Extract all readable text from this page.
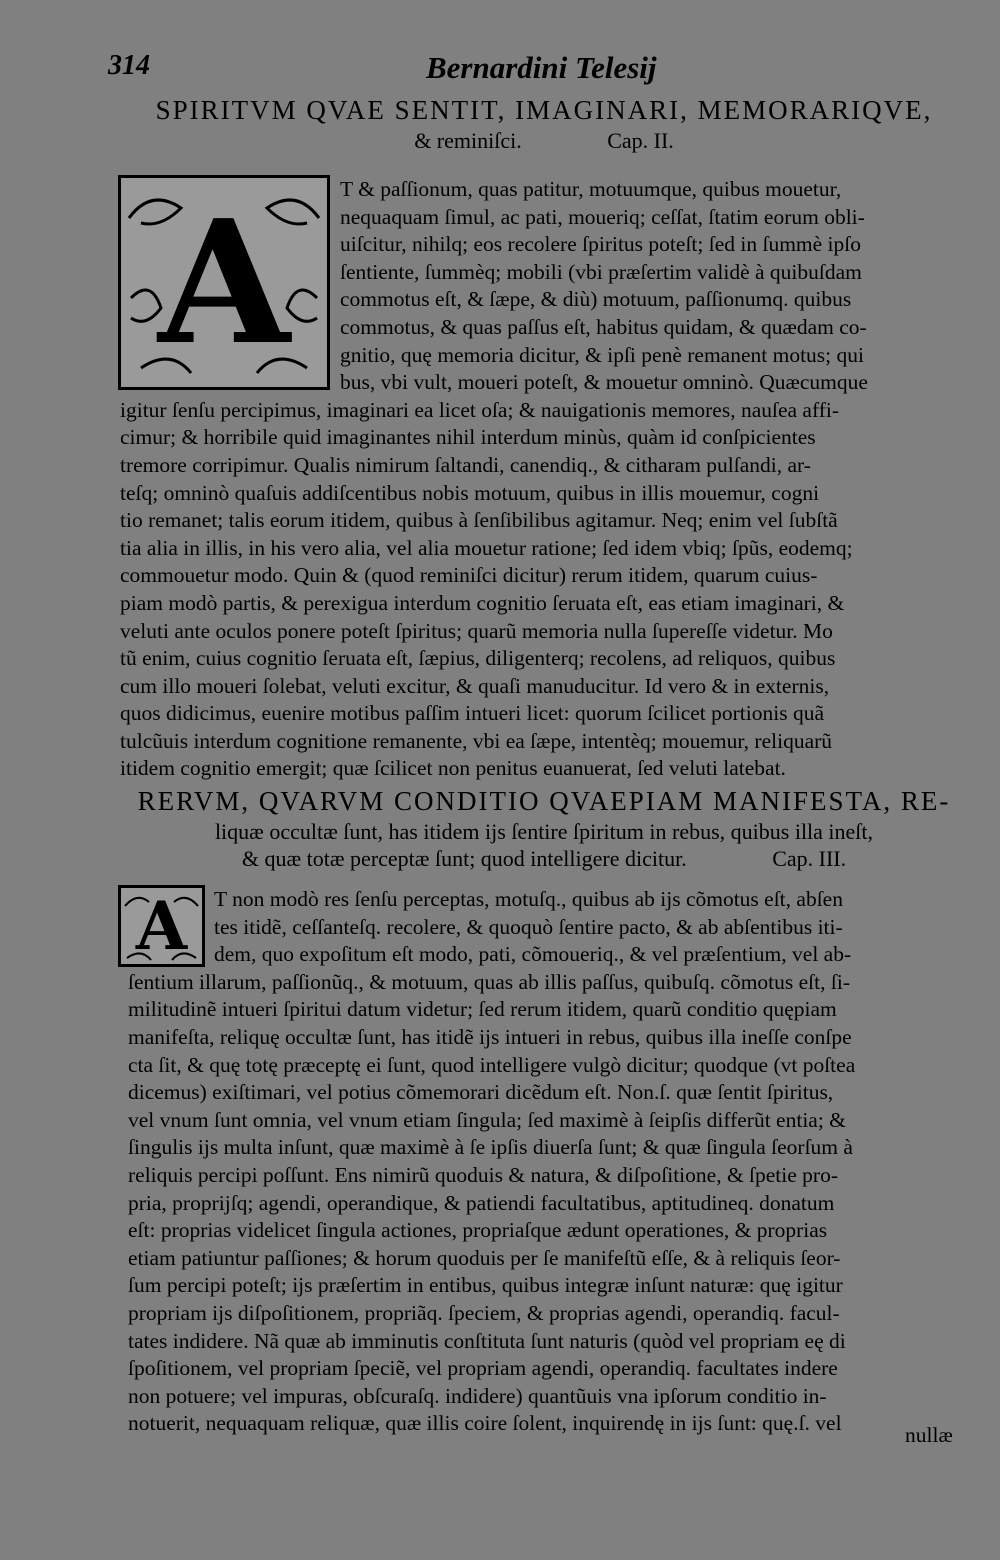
314	Bernardini Telesij
SPIRITVM QVAE SENTIT, IMAGINARI, MEMORARIQVE,
& reminiſci.	Cap. II.
A	T & paſſionum, quas patitur, motuumque, quibus mouetur,
nequaquam ſimul, ac pati, moueriq; ceſſat, ſtatim eorum obli-
uiſcitur, nihilq; eos recolere ſpiritus poteſt; ſed in ſummè ipſo
ſentiente, ſummèq; mobili (vbi præſertim validè à quibuſdam
commotus eſt, & ſæpe, & diù) motuum, paſſionumq. quibus
commotus, & quas paſſus eſt, habitus quidam, & quædam co-
gnitio, quę memoria dicitur, & ipſi penè remanent motus; qui
bus, vbi vult, moueri poteſt, & mouetur omninò. Quæcumque
igitur ſenſu percipimus, imaginari ea licet oſa; & nauigationis memores, nauſea affi-
cimur; & horribile quid imaginantes nihil interdum minùs, quàm id conſpicientes
tremore corripimur. Qualis nimirum ſaltandi, canendiq., & citharam pulſandi, ar-
teſq; omninò quaſuis addiſcentibus nobis motuum, quibus in illis mouemur, cogni
tio remanet; talis eorum itidem, quibus à ſenſibilibus agitamur. Neq; enim vel ſubſtã
tia alia in illis, in his vero alia, vel alia mouetur ratione; ſed idem vbiq; ſpũs, eodemq;
commouetur modo. Quin & (quod reminiſci dicitur) rerum itidem, quarum cuius-
piam modò partis, & perexigua interdum cognitio ſeruata eſt, eas etiam imaginari, &
veluti ante oculos ponere poteſt ſpiritus; quarũ memoria nulla ſupereſſe videtur. Mo
tũ enim, cuius cognitio ſeruata eſt, ſæpius, diligenterq; recolens, ad reliquos, quibus
cum illo moueri ſolebat, veluti excitur, & quaſi manuducitur. Id vero & in externis,
quos didicimus, euenire motibus paſſim intueri licet: quorum ſcilicet portionis quã
tulcũuis interdum cognitione remanente, vbi ea ſæpe, intentèq; mouemur, reliquarũ
itidem cognitio emergit; quæ ſcilicet non penitus euanuerat, ſed veluti latebat.
RERVM, QVARVM CONDITIO QVAEPIAM MANIFESTA, RE-
liquæ occultæ ſunt, has itidem ijs ſentire ſpiritum in rebus, quibus illa ineſt,
& quæ totæ perceptæ ſunt; quod intelligere dicitur.	Cap. III.
A	T non modò res ſenſu perceptas, motuſq., quibus ab ijs cõmotus eſt, abſen
tes itidẽ, ceſſanteſq. recolere, & quoquò ſentire pacto, & ab abſentibus iti-
dem, quo expoſitum eſt modo, pati, cõmoueriq., & vel præſentium, vel ab-
ſentium illarum, paſſionũq., & motuum, quas ab illis paſſus, quibuſq. cõmotus eſt, ſi-
militudinẽ intueri ſpiritui datum videtur; ſed rerum itidem, quarũ conditio quępiam
manifeſta, reliquę occultæ ſunt, has itidẽ ijs intueri in rebus, quibus illa ineſſe conſpe
cta ſit, & quę totę præceptę ei ſunt, quod intelligere vulgò dicitur; quodque (vt poſtea
dicemus) exiſtimari, vel potius cõmemorari dicẽdum eſt. Non.ſ. quæ ſentit ſpiritus,
vel vnum ſunt omnia, vel vnum etiam ſingula; ſed maximè à ſeipſis differũt entia; &
ſingulis ijs multa inſunt, quæ maximè à ſe ipſis diuerſa ſunt; & quæ ſingula ſeorſum à
reliquis percipi poſſunt. Ens nimirũ quoduis & natura, & diſpoſitione, & ſpetie pro-
pria, proprijſq; agendi, operandique, & patiendi facultatibus, aptitudineq. donatum
eſt: proprias videlicet ſingula actiones, propriaſque ædunt operationes, & proprias
etiam patiuntur paſſiones; & horum quoduis per ſe manifeſtũ eſſe, & à reliquis ſeor-
ſum percipi poteſt; ijs præſertim in entibus, quibus integræ inſunt naturæ: quę igitur
propriam ijs diſpoſitionem, propriãq. ſpeciem, & proprias agendi, operandiq. facul-
tates indidere. Nã quæ ab imminutis conſtituta ſunt naturis (quòd vel propriam eę di
ſpoſitionem, vel propriam ſpeciẽ, vel propriam agendi, operandiq. facultates indere
non potuere; vel impuras, obſcuraſq. indidere) quantũuis vna ipſorum conditio in-
notuerit, nequaquam reliquæ, quæ illis coire ſolent, inquirendę in ijs ſunt: quę.ſ. vel	nullæ
